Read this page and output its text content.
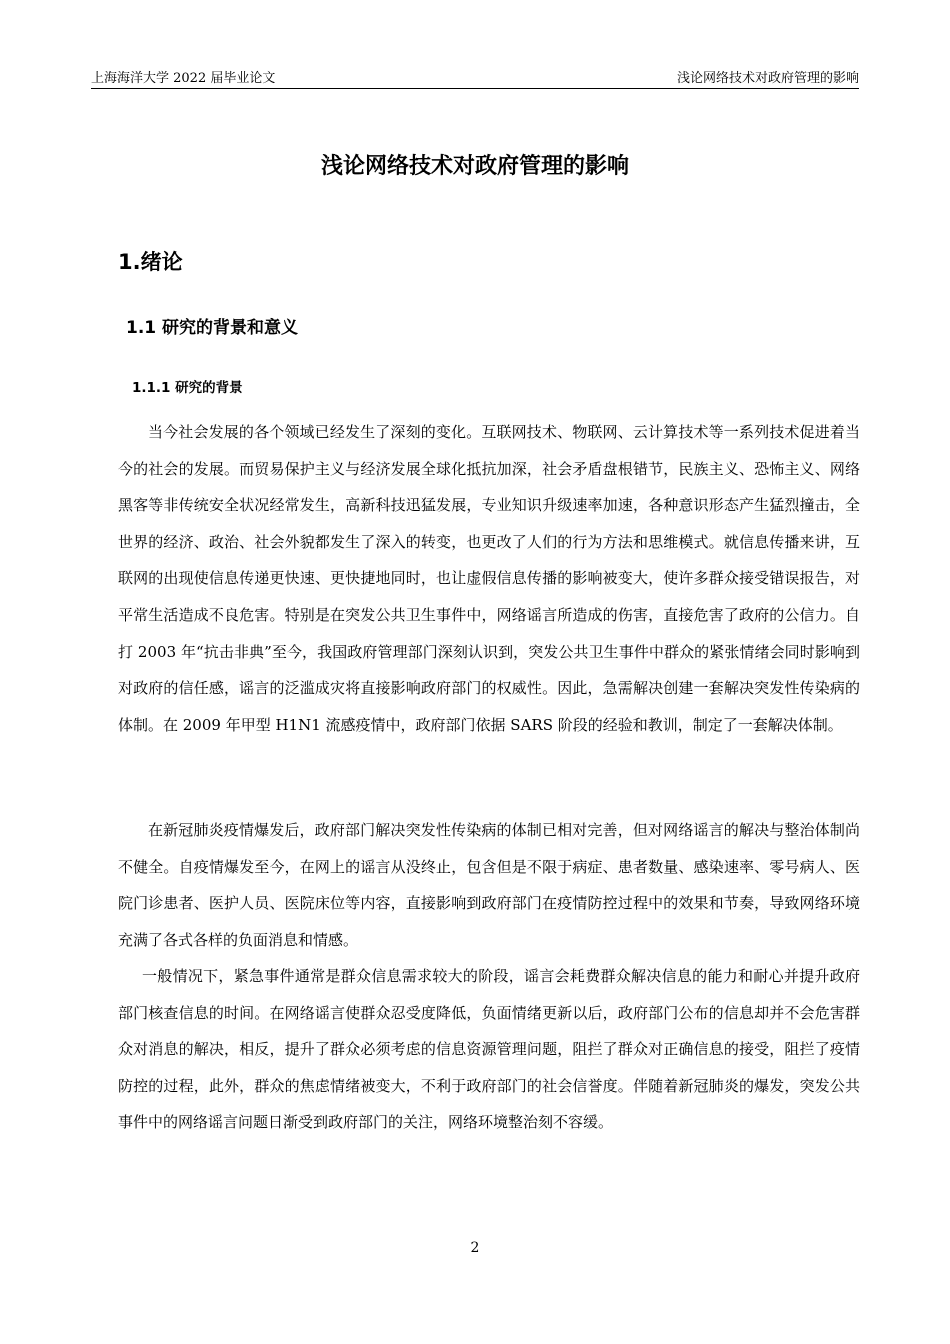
上海海洋大学 2022 届毕业论文	浅论网络技术对政府管理的影响
浅论网络技术对政府管理的影响
1.绪论
1.1 研究的背景和意义
1.1.1 研究的背景

当今社会发展的各个领域已经发生了深刻的变化。互联网技术、物联网、云计算技术等一系列技术促进着当今的社会的发展。而贸易保护主义与经济发展全球化抵抗加深，社会矛盾盘根错节，民族主义、恐怖主义、网络黑客等非传统安全状况经常发生，高新科技迅猛发展，专业知识升级速率加速，各种意识形态产生猛烈撞击，全世界的经济、政治、社会外貌都发生了深入的转变，也更改了人们的行为方法和思维模式。就信息传播来讲，互联网的出现使信息传递更快速、更快捷地同时，也让虚假信息传播的影响被变大，使许多群众接受错误报告，对平常生活造成不良危害。特别是在突发公共卫生事件中，网络谣言所造成的伤害，直接危害了政府的公信力。自打 2003 年“抗击非典”至今，我国政府管理部门深刻认识到，突发公共卫生事件中群众的紧张情绪会同时影响到对政府的信任感，谣言的泛滥成灾将直接影响政府部门的权威性。因此，急需解决创建一套解决突发性传染病的体制。在 2009 年甲型 H1N1 流感疫情中，政府部门依据 SARS 阶段的经验和教训，制定了一套解决体制。

在新冠肺炎疫情爆发后，政府部门解决突发性传染病的体制已相对完善，但对网络谣言的解决与整治体制尚不健全。自疫情爆发至今，在网上的谣言从没终止，包含但是不限于病症、患者数量、感染速率、零号病人、医院门诊患者、医护人员、医院床位等内容，直接影响到政府部门在疫情防控过程中的效果和节奏，导致网络环境充满了各式各样的负面消息和情感。

一般情况下，紧急事件通常是群众信息需求较大的阶段，谣言会耗费群众解决信息的能力和耐心并提升政府部门核查信息的时间。在网络谣言使群众忍受度降低，负面情绪更新以后，政府部门公布的信息却并不会危害群众对消息的解决，相反，提升了群众必须考虑的信息资源管理问题，阻拦了群众对正确信息的接受，阻拦了疫情防控的过程，此外，群众的焦虑情绪被变大，不利于政府部门的社会信誉度。伴随着新冠肺炎的爆发，突发公共事件中的网络谣言问题日渐受到政府部门的关注，网络环境整治刻不容缓。

2
